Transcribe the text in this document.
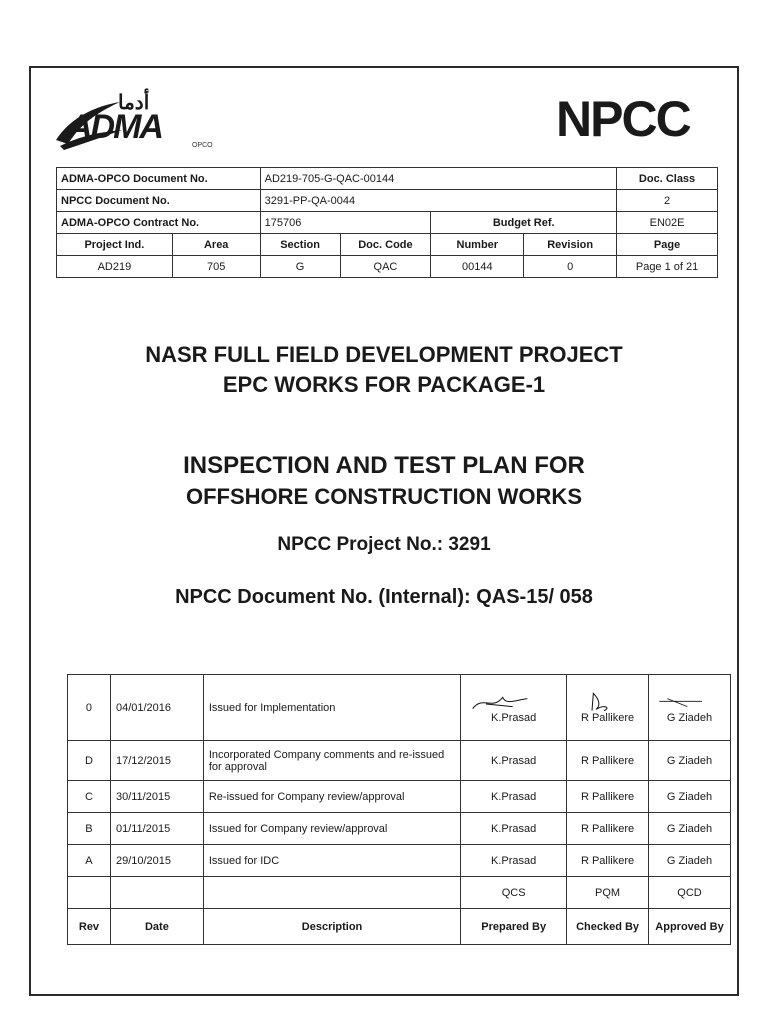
أدما
ADMA	OPCO	NPCC
ADMA-OPCO Document No.		AD219-705-G-QAC-00144				Doc. Class
NPCC Document No.		3291-PP-QA-0044				2
ADMA-OPCO Contract No.		175706		Budget Ref.		EN02E
Project Ind.	Area	Section	Doc. Code	Number	Revision	Page
AD219	705	G	QAC	00144	0	Page 1 of 21
NASR FULL FIELD DEVELOPMENT PROJECT
EPC WORKS FOR PACKAGE-1
INSPECTION AND TEST PLAN FOR
OFFSHORE CONSTRUCTION WORKS
NPCC Project No.: 3291
NPCC Document No. (Internal): QAS-15/ 058
0	04/01/2016	Issued for Implementation	K.Prasad	R Pallikere	G Ziadeh
D	17/12/2015	Incorporated Company comments and re-issued for approval	K.Prasad	R Pallikere	G Ziadeh
C	30/11/2015	Re-issued for Company review/approval	K.Prasad	R Pallikere	G Ziadeh
B	01/11/2015	Issued for Company review/approval	K.Prasad	R Pallikere	G Ziadeh
A	29/10/2015	Issued for IDC	K.Prasad	R Pallikere	G Ziadeh
			QCS	PQM	QCD
Rev	Date	Description	Prepared By	Checked By	Approved By
